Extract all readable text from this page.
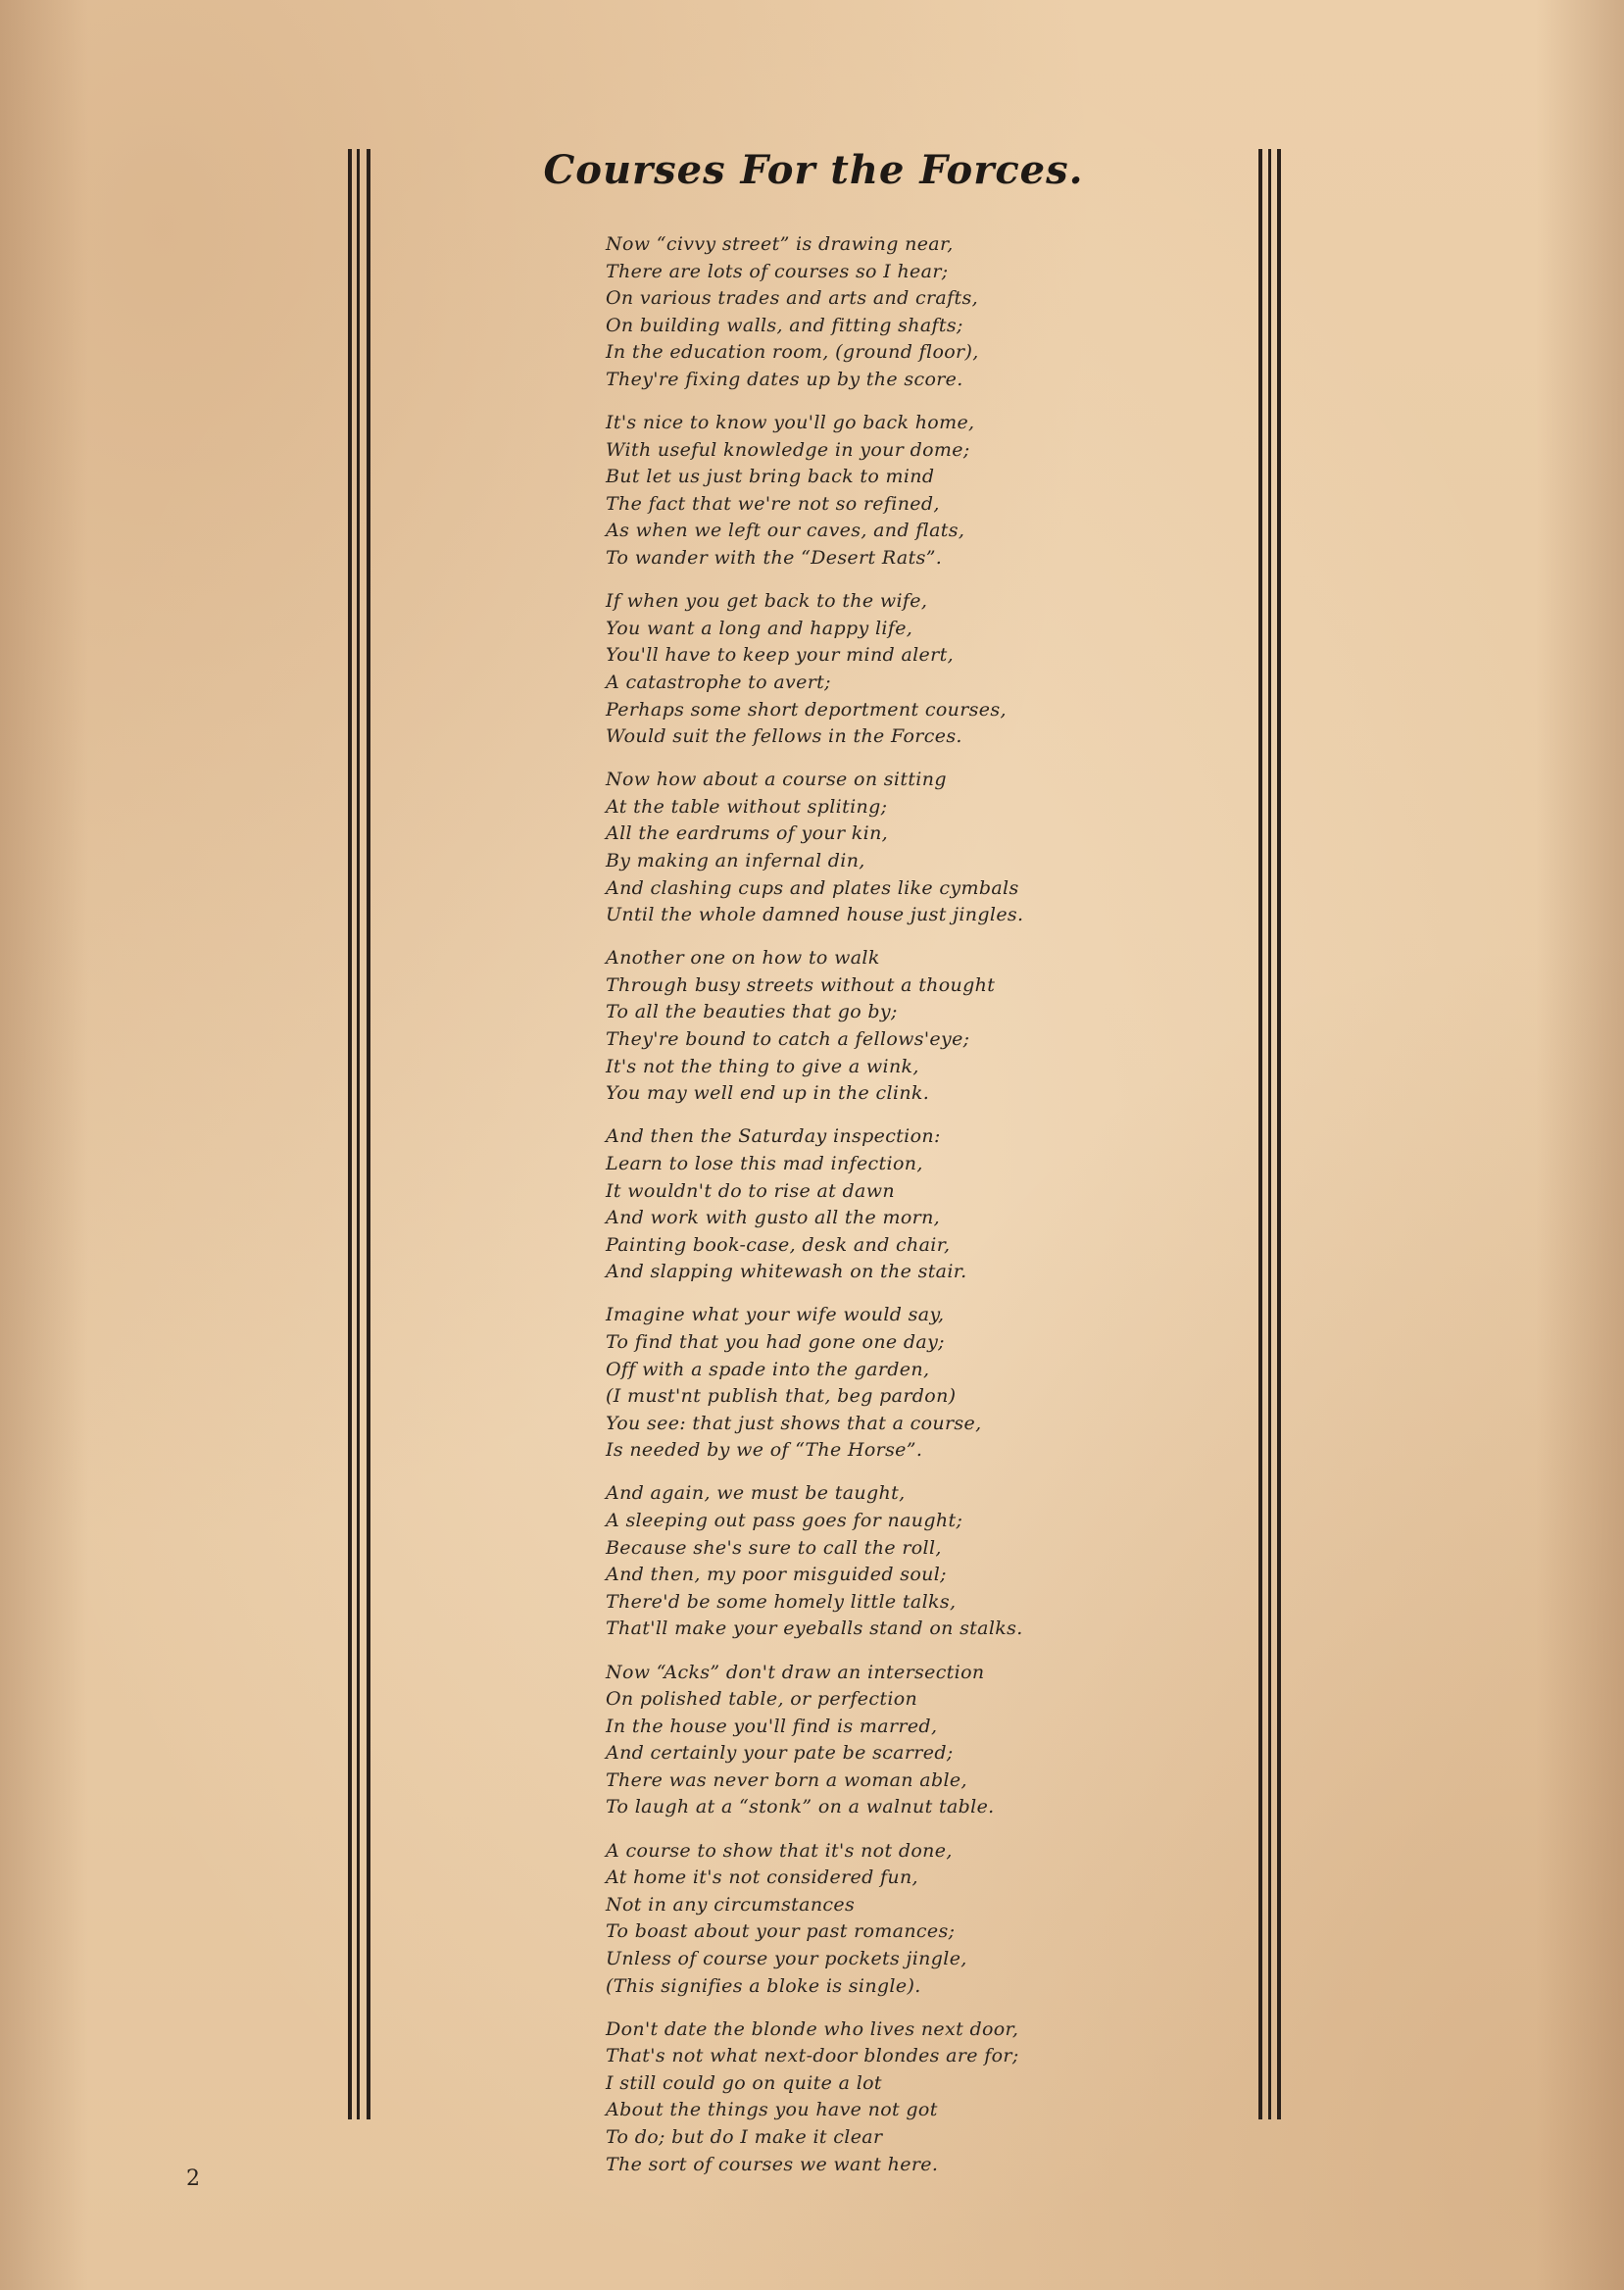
Courses For the Forces.
Now “civvy street” is drawing near,
There are lots of courses so I hear;
On various trades and arts and crafts,
On building walls, and fitting shafts;
In the education room, (ground floor),
They're fixing dates up by the score.
It's nice to know you'll go back home,
With useful knowledge in your dome;
But let us just bring back to mind
The fact that we're not so refined,
As when we left our caves, and flats,
To wander with the “Desert Rats”.
If when you get back to the wife,
You want a long and happy life,
You'll have to keep your mind alert,
A catastrophe to avert;
Perhaps some short deportment courses,
Would suit the fellows in the Forces.
Now how about a course on sitting
At the table without spliting;
All the eardrums of your kin,
By making an infernal din,
And clashing cups and plates like cymbals
Until the whole damned house just jingles.
Another one on how to walk
Through busy streets without a thought
To all the beauties that go by;
They're bound to catch a fellows'eye;
It's not the thing to give a wink,
You may well end up in the clink.
And then the Saturday inspection:
Learn to lose this mad infection,
It wouldn't do to rise at dawn
And work with gusto all the morn,
Painting book-case, desk and chair,
And slapping whitewash on the stair.
Imagine what your wife would say,
To find that you had gone one day;
Off with a spade into the garden,
(I must'nt publish that, beg pardon)
You see: that just shows that a course,
Is needed by we of “The Horse”.
And again, we must be taught,
A sleeping out pass goes for naught;
Because she's sure to call the roll,
And then, my poor misguided soul;
There'd be some homely little talks,
That'll make your eyeballs stand on stalks.
Now “Acks” don't draw an intersection
On polished table, or perfection
In the house you'll find is marred,
And certainly your pate be scarred;
There was never born a woman able,
To laugh at a “stonk” on a walnut table.
A course to show that it's not done,
At home it's not considered fun,
Not in any circumstances
To boast about your past romances;
Unless of course your pockets jingle,
(This signifies a bloke is single).
Don't date the blonde who lives next door,
That's not what next-door blondes are for;
I still could go on quite a lot
About the things you have not got
To do; but do I make it clear
The sort of courses we want here.
2
